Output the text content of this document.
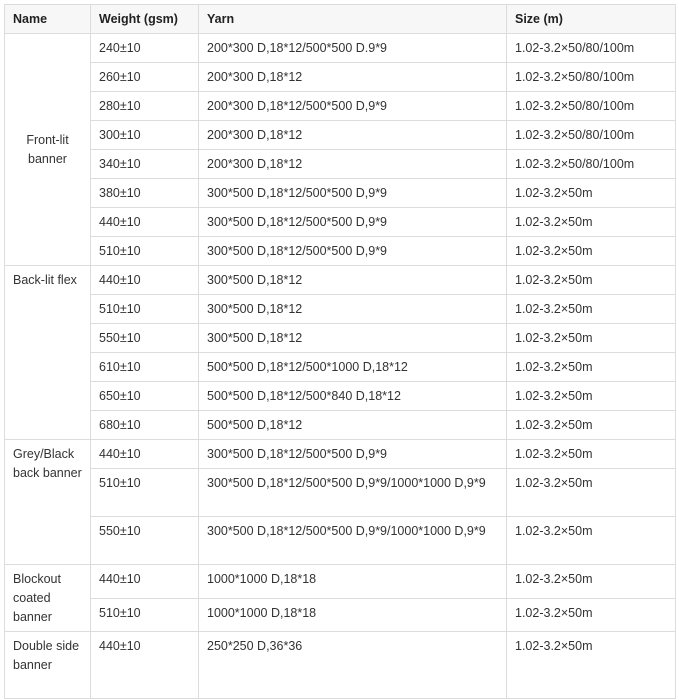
Name	Weight (gsm)	Yarn	Size (m)
Front-lit banner	240±10	200*300 D,18*12/500*500 D.9*9	1.02-3.2×50/80/100m
	260±10	200*300 D,18*12	1.02-3.2×50/80/100m
	280±10	200*300 D,18*12/500*500 D,9*9	1.02-3.2×50/80/100m
	300±10	200*300 D,18*12	1.02-3.2×50/80/100m
	340±10	200*300 D,18*12	1.02-3.2×50/80/100m
	380±10	300*500 D,18*12/500*500 D,9*9	1.02-3.2×50m
	440±10	300*500 D,18*12/500*500 D,9*9	1.02-3.2×50m
	510±10	300*500 D,18*12/500*500 D,9*9	1.02-3.2×50m
Back-lit flex	440±10	300*500 D,18*12	1.02-3.2×50m
	510±10	300*500 D,18*12	1.02-3.2×50m
	550±10	300*500 D,18*12	1.02-3.2×50m
	610±10	500*500 D,18*12/500*1000 D,18*12	1.02-3.2×50m
	650±10	500*500 D,18*12/500*840 D,18*12	1.02-3.2×50m
	680±10	500*500 D,18*12	1.02-3.2×50m
Grey/Black back banner	440±10	300*500 D,18*12/500*500 D,9*9	1.02-3.2×50m
	510±10	300*500 D,18*12/500*500 D,9*9/1000*1000 D,9*9	1.02-3.2×50m
	550±10	300*500 D,18*12/500*500 D,9*9/1000*1000 D,9*9	1.02-3.2×50m
Blockout coated banner	440±10	1000*1000 D,18*18	1.02-3.2×50m
	510±10	1000*1000 D,18*18	1.02-3.2×50m
Double side banner	440±10	250*250 D,36*36	1.02-3.2×50m
